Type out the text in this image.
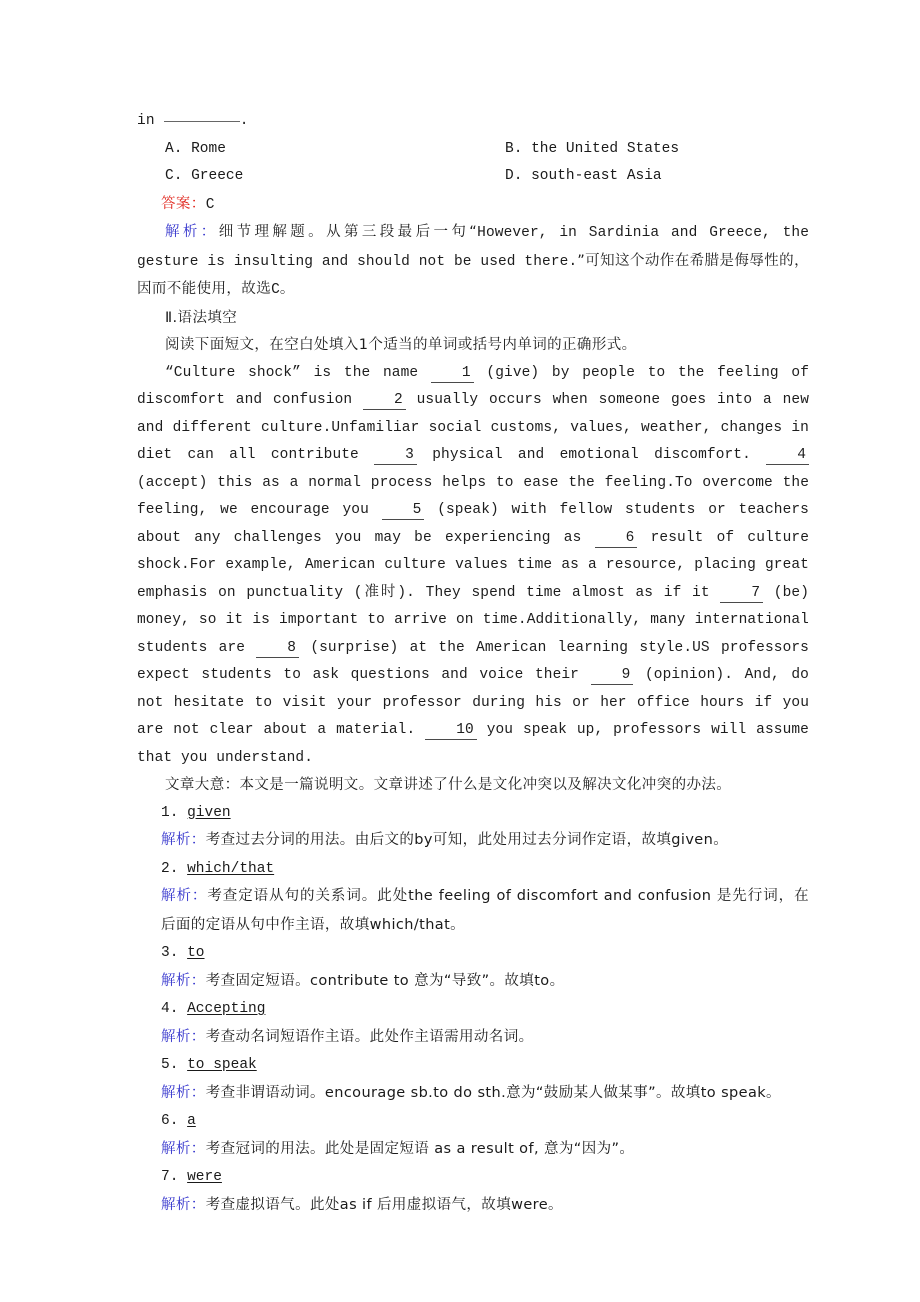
in	.
A. Rome	B. the United States
C. Greece	D. south-east Asia
答案：C
解析：细节理解题。从第三段最后一句“However, in Sardinia and Greece, the gesture is insulting and should not be used there.”可知这个动作在希腊是侮辱性的，因而不能使用，故选C。
Ⅱ.语法填空
阅读下面短文，在空白处填入1个适当的单词或括号内单词的正确形式。
“Culture shock” is the name	1 (give) by people to the feeling of discomfort and confusion	2 usually occurs when someone goes into a new and different culture.Unfamiliar social customs, values, weather, changes in diet can all contribute	3 physical and emotional discomfort.	4 (accept) this as a normal process helps to ease the feeling.To overcome the feeling, we encourage you	5 (speak) with fellow students or teachers about any challenges you may be experiencing as	6 result of culture shock.For example, American culture values time as a resource, placing great emphasis on punctuality (准时). They spend time almost as if it	7 (be) money, so it is important to arrive on time.Additionally, many international students are	8 (surprise) at the American learning style.US professors expect students to ask questions and voice their	9 (opinion). And, do not hesitate to visit your professor during his or her office hours if you are not clear about a material.	10 you speak up, professors will assume that you understand.
文章大意：本文是一篇说明文。文章讲述了什么是文化冲突以及解决文化冲突的办法。
1. given
解析：考查过去分词的用法。由后文的by可知，此处用过去分词作定语，故填given。
2. which/that
解析：考查定语从句的关系词。此处the feeling of discomfort and confusion 是先行词，在后面的定语从句中作主语，故填which/that。
3. to
解析：考查固定短语。contribute to 意为“导致”。故填to。
4. Accepting
解析：考查动名词短语作主语。此处作主语需用动名词。
5. to speak
解析：考查非谓语动词。encourage sb.to do sth.意为“鼓励某人做某事”。故填to speak。
6. a
解析：考查冠词的用法。此处是固定短语 as a result of, 意为“因为”。
7. were
解析：考查虚拟语气。此处as if 后用虚拟语气，故填were。
